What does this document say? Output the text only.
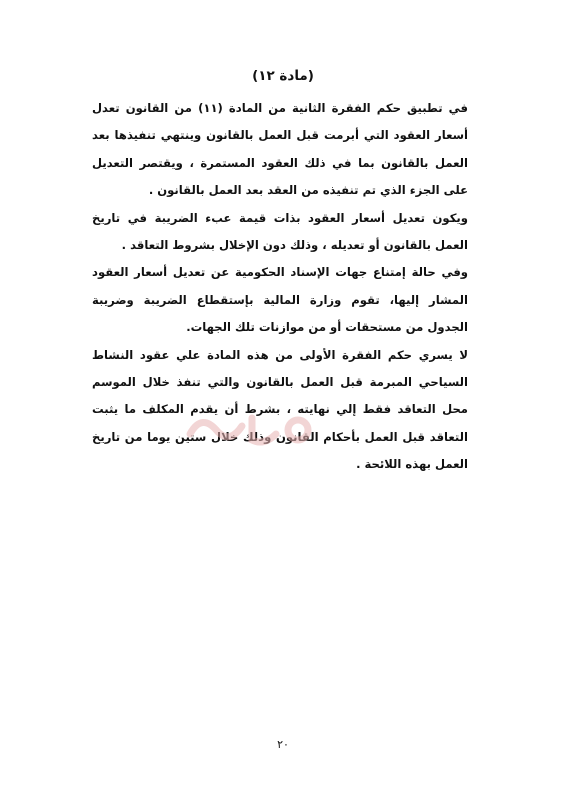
(مادة ١٢)

في تطبيق حكم الفقرة الثانية من المادة (١١) من القانون تعدل أسعار العقود التي أبرمت قبل العمل بالقانون وينتهي تنفيذها بعد العمل بالقانون بما في ذلك العقود المستمرة ، ويقتصر التعديل على الجزء الذي تم تنفيذه من العقد بعد العمل بالقانون .

ويكون تعديل أسعار العقود بذات قيمة عبء الضريبة في تاريخ العمل بالقانون أو تعديله ، وذلك دون الإخلال بشروط التعاقد .

وفي حالة إمتناع جهات الإسناد الحكومية عن تعديل أسعار العقود المشار إليها، تقوم وزارة المالية بإستقطاع الضريبة وضريبة الجدول من مستحقات أو من موازنات تلك الجهات.

لا يسري حكم الفقرة الأولى من هذه المادة علي عقود النشاط السياحي المبرمة قبل العمل بالقانون والتي تنفذ خلال الموسم محل التعاقد فقط إلي نهايته ، بشرط أن يقدم المكلف ما يثبت التعاقد قبل العمل بأحكام القانون وذلك خلال ستين يوما من تاريخ العمل بهذه اللائحة .

٢٠
